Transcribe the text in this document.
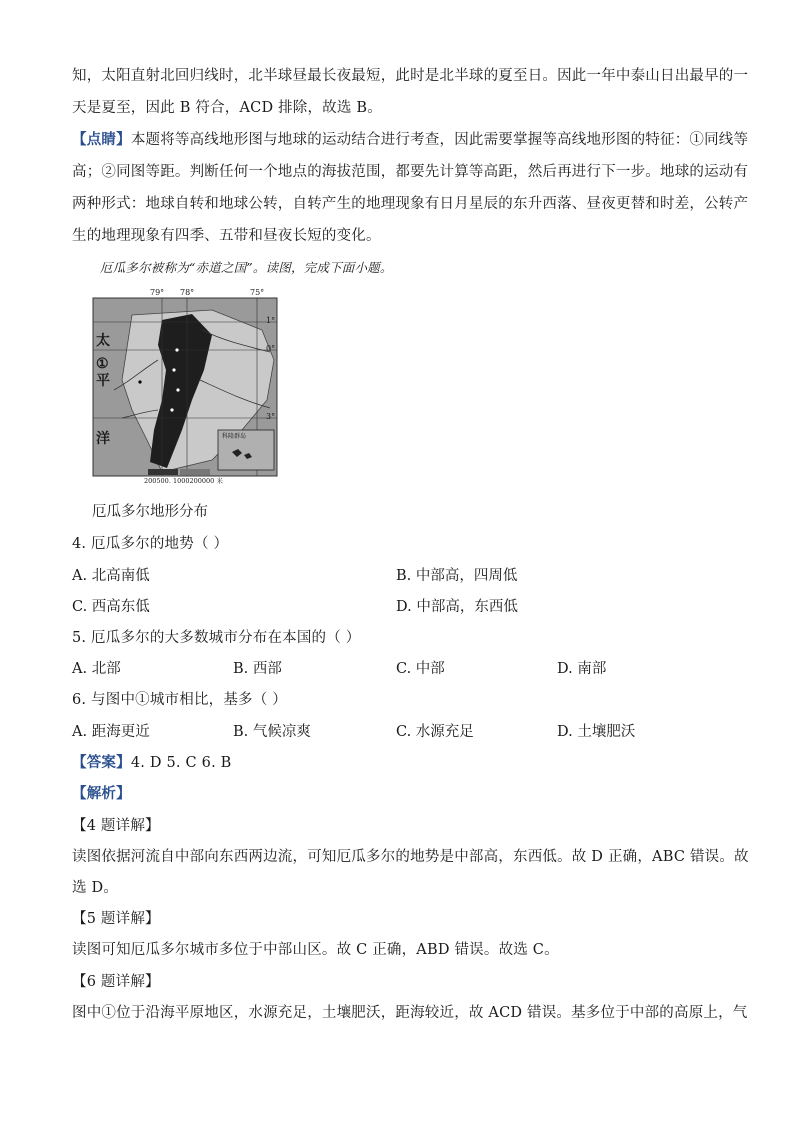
知，太阳直射北回归线时，北半球昼最长夜最短，此时是北半球的夏至日。因此一年中泰山日出最早的一
天是夏至，因此 B 符合，ACD 排除，故选 B。
【点睛】本题将等高线地形图与地球的运动结合进行考查，因此需要掌握等高线地形图的特征：①同线等
高；②同图等距。判断任何一个地点的海拔范围，都要先计算等高距，然后再进行下一步。地球的运动有
两种形式：地球自转和地球公转，自转产生的地理现象有日月星辰的东升西落、昼夜更替和时差，公转产
生的地理现象有四季、五带和昼夜长短的变化。
厄瓜多尔被称为“赤道之国”。读图，完成下面小题。
79° 78°	75°
1°
0°
3°
太
平
洋
①
科隆群岛
200500. 1000200000 米
厄瓜多尔地形分布
4. 厄瓜多尔的地势（ ）
A. 北高南低	B. 中部高，四周低
C. 西高东低	D. 中部高，东西低
5. 厄瓜多尔的大多数城市分布在本国的（ ）
A. 北部	B. 西部	C. 中部	D. 南部
6. 与图中①城市相比，基多（ ）
A. 距海更近	B. 气候凉爽	C. 水源充足	D. 土壤肥沃
【答案】4. D 5. C 6. B
【解析】
【4 题详解】
读图依据河流自中部向东西两边流，可知厄瓜多尔的地势是中部高，东西低。故 D 正确，ABC 错误。故
选 D。
【5 题详解】
读图可知厄瓜多尔城市多位于中部山区。故 C 正确，ABD 错误。故选 C。
【6 题详解】
图中①位于沿海平原地区，水源充足，土壤肥沃，距海较近，故 ACD 错误。基多位于中部的高原上，气
